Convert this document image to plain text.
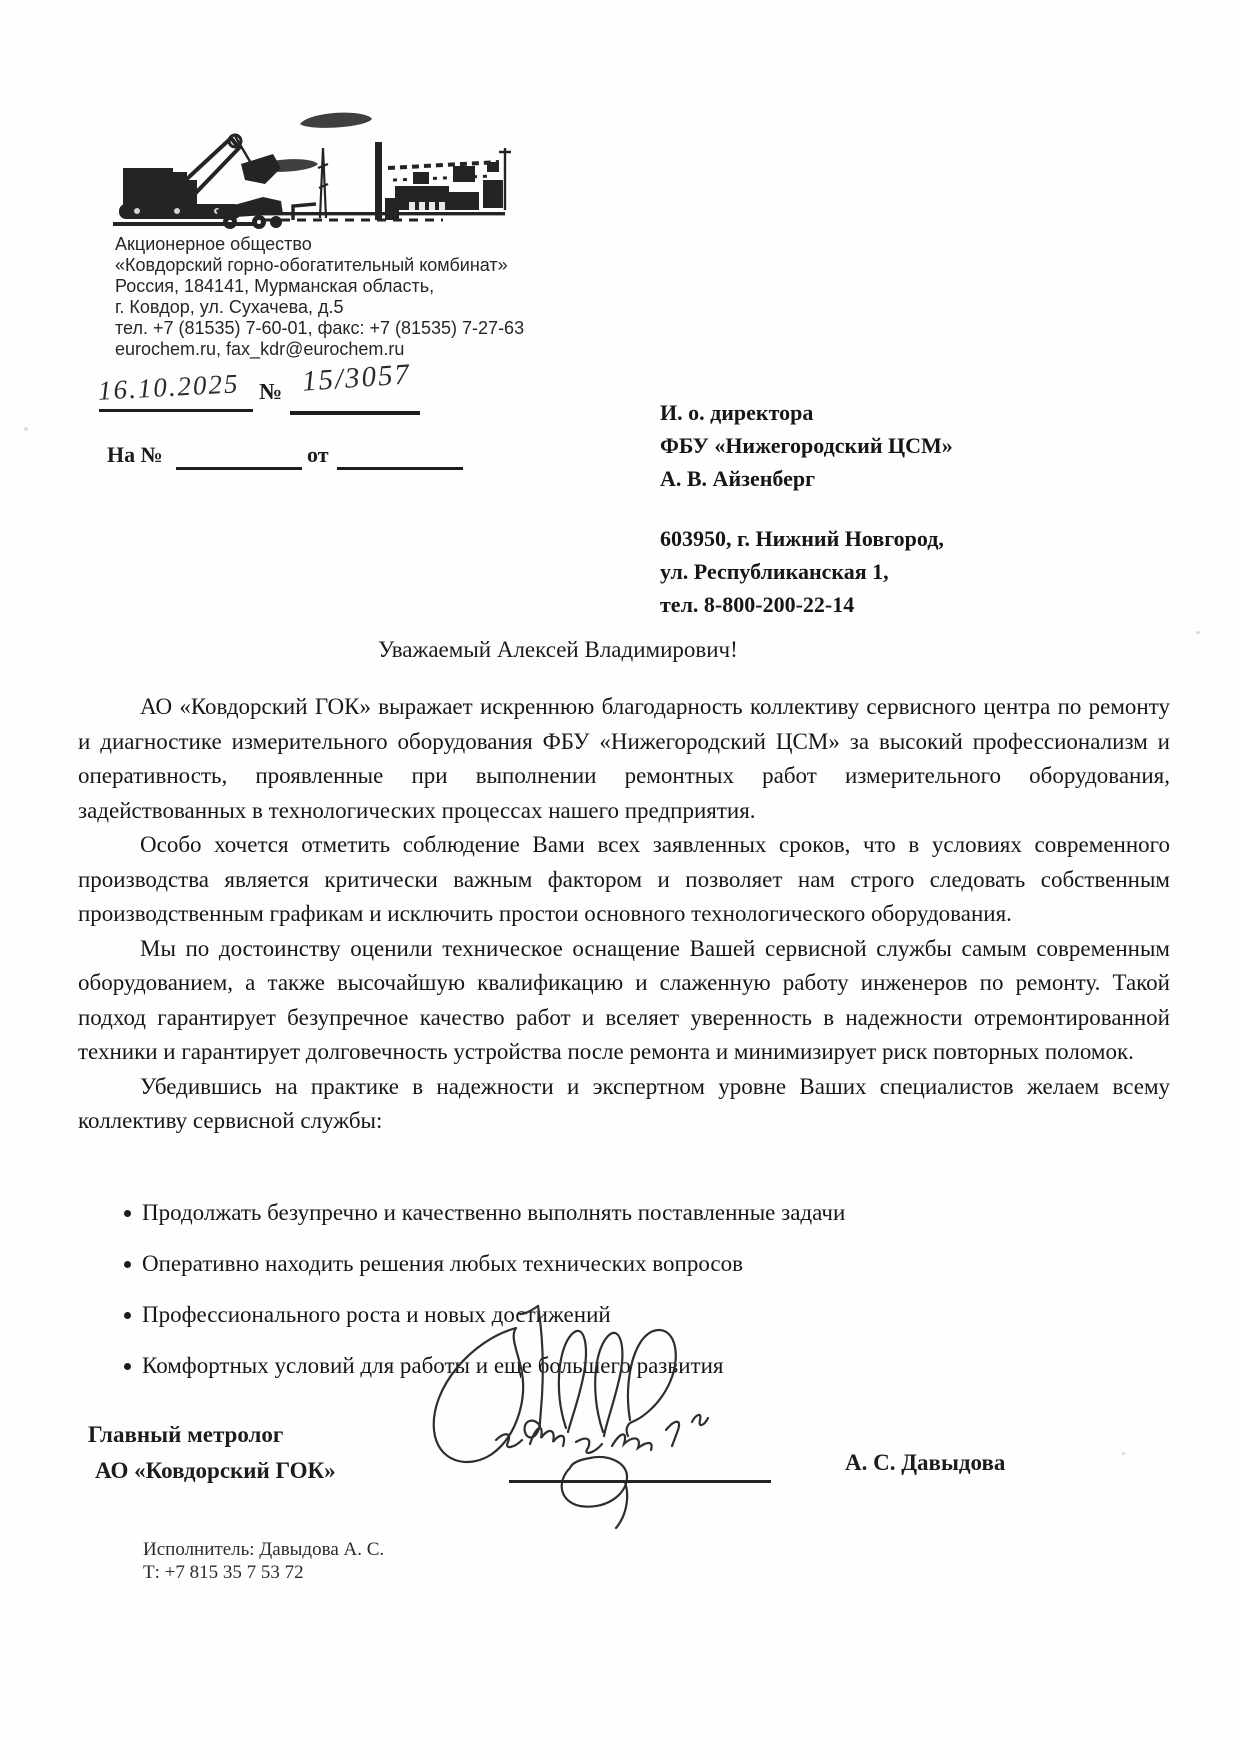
Акционерное общество
«Ковдорский горно-обогатительный комбинат»
Россия, 184141, Мурманская область,
г. Ковдор, ул. Сухачева, д.5
тел. +7 (81535) 7-60-01, факс: +7 (81535) 7-27-63
eurochem.ru, fax_kdr@eurochem.ru
16.10.2025 № 15/3057
На №	от
И. о. директора
ФБУ «Нижегородский ЦСМ»
А. В. Айзенберг
603950, г. Нижний Новгород,
ул. Республиканская 1,
тел. 8-800-200-22-14
Уважаемый Алексей Владимирович!

АО «Ковдорский ГОК» выражает искреннюю благодарность коллективу сервисного центра по ремонту и диагностике измерительного оборудования ФБУ «Нижегородский ЦСМ» за высокий профессионализм и оперативность, проявленные при выполнении ремонтных работ измерительного оборудования, задействованных в технологических процессах нашего предприятия.

Особо хочется отметить соблюдение Вами всех заявленных сроков, что в условиях современного производства является критически важным фактором и позволяет нам строго следовать собственным производственным графикам и исключить простои основного технологического оборудования.

Мы по достоинству оценили техническое оснащение Вашей сервисной службы самым современным оборудованием, а также высочайшую квалификацию и слаженную работу инженеров по ремонту. Такой подход гарантирует безупречное качество работ и вселяет уверенность в надежности отремонтированной техники и гарантирует долговечность устройства после ремонта и минимизирует риск повторных поломок.

Убедившись на практике в надежности и экспертном уровне Ваших специалистов желаем всему коллективу сервисной службы:

Продолжать безупречно и качественно выполнять поставленные задачи
Оперативно находить решения любых технических вопросов
Профессионального роста и новых достижений
Комфортных условий для работы и еще большего развития
Главный метролог
АО «Ковдорский ГОК»	А. С. Давыдова
Исполнитель: Давыдова А. С.
Т: +7 815 35 7 53 72
